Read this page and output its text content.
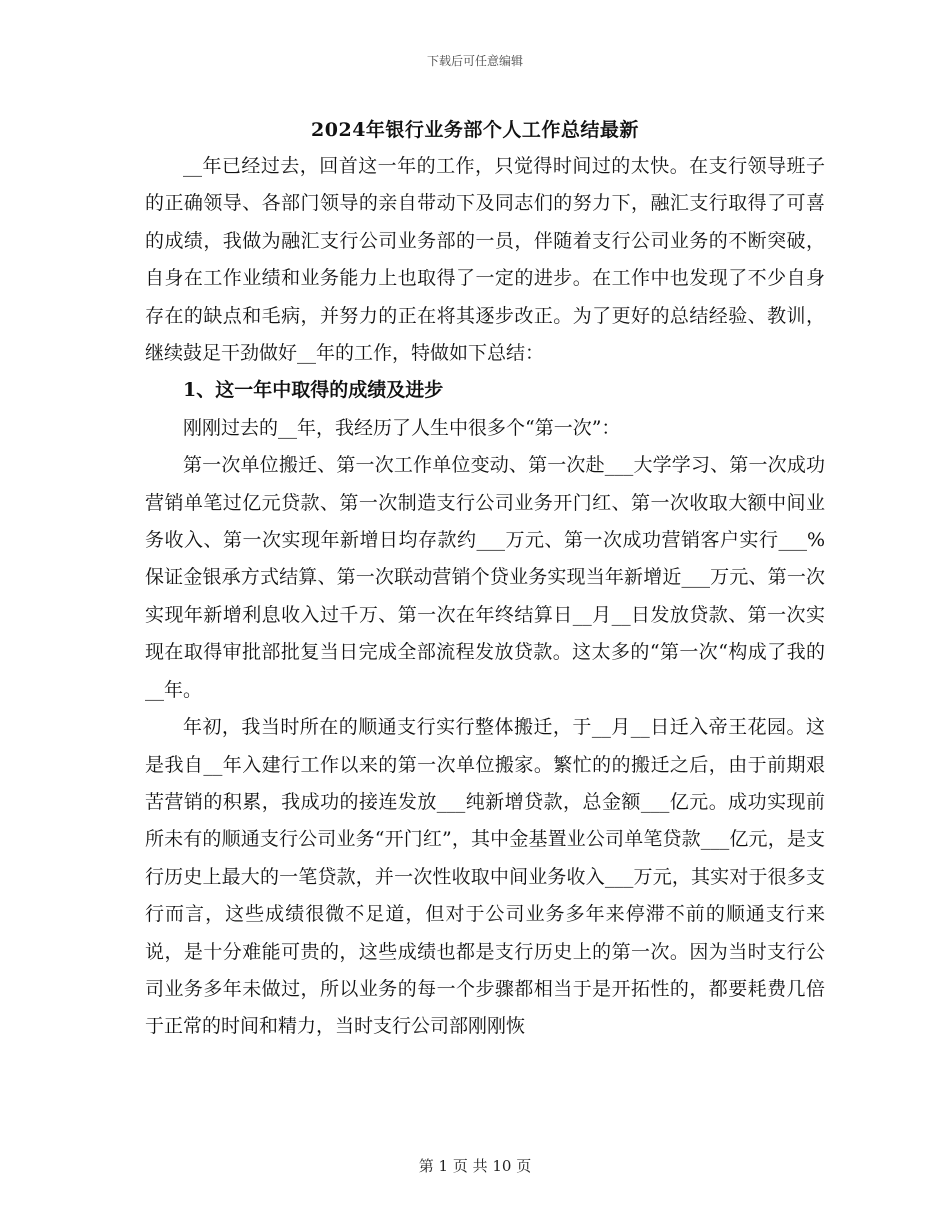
下载后可任意编辑
2024年银行业务部个人工作总结最新

__年已经过去，回首这一年的工作，只觉得时间过的太快。在支行领导班子的正确领导、各部门领导的亲自带动下及同志们的努力下，融汇支行取得了可喜的成绩，我做为融汇支行公司业务部的一员，伴随着支行公司业务的不断突破，自身在工作业绩和业务能力上也取得了一定的进步。在工作中也发现了不少自身存在的缺点和毛病，并努力的正在将其逐步改正。为了更好的总结经验、教训，继续鼓足干劲做好__年的工作，特做如下总结：

1、这一年中取得的成绩及进步

刚刚过去的__年，我经历了人生中很多个“第一次”：

第一次单位搬迁、第一次工作单位变动、第一次赴___大学学习、第一次成功营销单笔过亿元贷款、第一次制造支行公司业务开门红、第一次收取大额中间业务收入、第一次实现年新增日均存款约___万元、第一次成功营销客户实行___%保证金银承方式结算、第一次联动营销个贷业务实现当年新增近___万元、第一次实现年新增利息收入过千万、第一次在年终结算日__月__日发放贷款、第一次实现在取得审批部批复当日完成全部流程发放贷款。这太多的“第一次“构成了我的__年。

年初，我当时所在的顺通支行实行整体搬迁，于__月__日迁入帝王花园。这是我自__年入建行工作以来的第一次单位搬家。繁忙的的搬迁之后，由于前期艰苦营销的积累，我成功的接连发放___纯新增贷款，总金额___亿元。成功实现前所未有的顺通支行公司业务“开门红”，其中金基置业公司单笔贷款___亿元，是支行历史上最大的一笔贷款，并一次性收取中间业务收入___万元，其实对于很多支行而言，这些成绩很微不足道，但对于公司业务多年来停滞不前的顺通支行来说，是十分难能可贵的，这些成绩也都是支行历史上的第一次。因为当时支行公司业务多年未做过，所以业务的每一个步骤都相当于是开拓性的，都要耗费几倍于正常的时间和精力，当时支行公司部刚刚恢

第 1 页 共 10 页
